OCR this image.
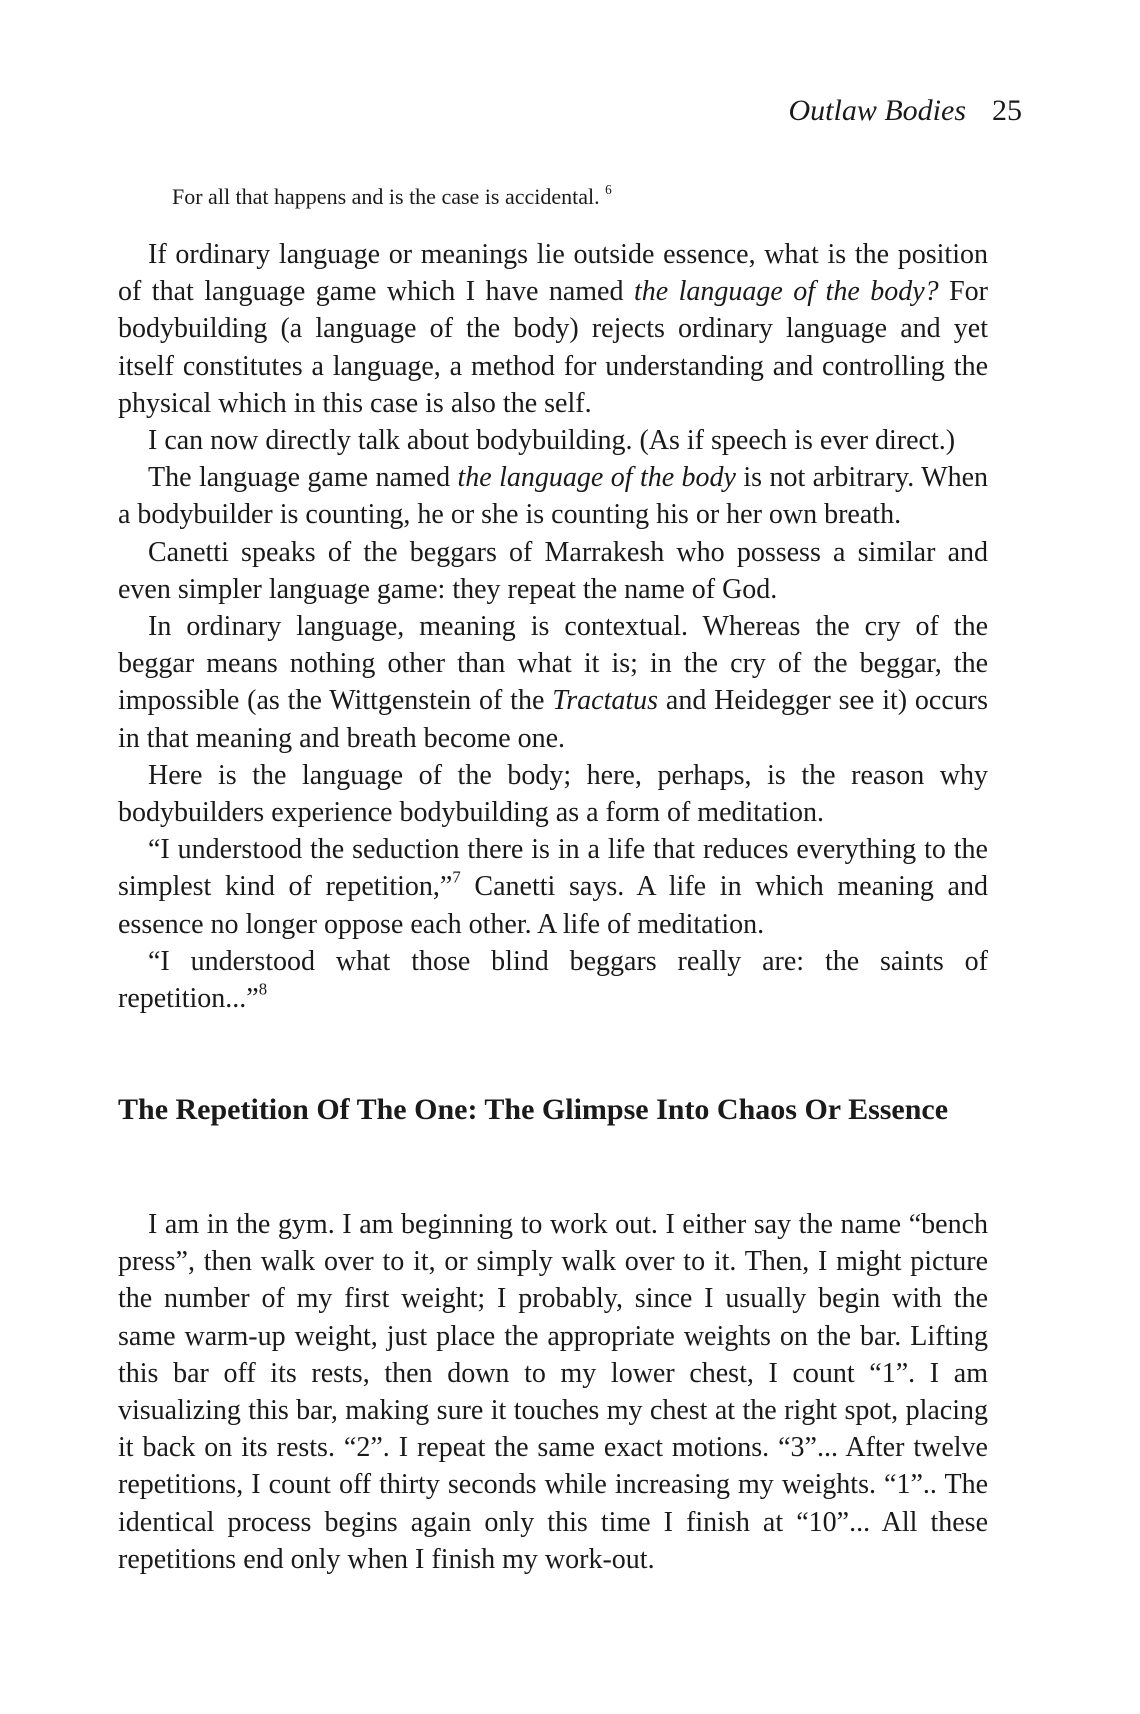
Outlaw Bodies 25
For all that happens and is the case is accidental. $^6$

If ordinary language or meanings lie outside essence, what is the position of that language game which I have named the language of the body? For bodybuilding (a language of the body) rejects ordinary language and yet itself constitutes a language, a method for understanding and controlling the physical which in this case is also the self.

I can now directly talk about bodybuilding. (As if speech is ever direct.)

The language game named the language of the body is not arbitrary. When a bodybuilder is counting, he or she is counting his or her own breath.

Canetti speaks of the beggars of Marrakesh who possess a similar and even simpler language game: they repeat the name of God.

In ordinary language, meaning is contextual. Whereas the cry of the beggar means nothing other than what it is; in the cry of the beggar, the impossible (as the Wittgenstein of the Tractatus and Heidegger see it) occurs in that meaning and breath become one.

Here is the language of the body; here, perhaps, is the reason why bodybuilders experience bodybuilding as a form of meditation.

“I understood the seduction there is in a life that reduces everything to the simplest kind of repetition,”$^7$ Canetti says. A life in which meaning and essence no longer oppose each other. A life of meditation.

“I understood what those blind beggars really are: the saints of repetition...”$^8$

The Repetition Of The One: The Glimpse Into Chaos Or Essence

I am in the gym. I am beginning to work out. I either say the name “bench press”, then walk over to it, or simply walk over to it. Then, I might picture the number of my first weight; I probably, since I usually begin with the same warm-up weight, just place the appropriate weights on the bar. Lifting this bar off its rests, then down to my lower chest, I count “1”. I am visualizing this bar, making sure it touches my chest at the right spot, placing it back on its rests. “2”. I repeat the same exact motions. “3”... After twelve repetitions, I count off thirty seconds while increasing my weights. “1”.. The identical process begins again only this time I finish at “10”... All these repetitions end only when I finish my work-out.
